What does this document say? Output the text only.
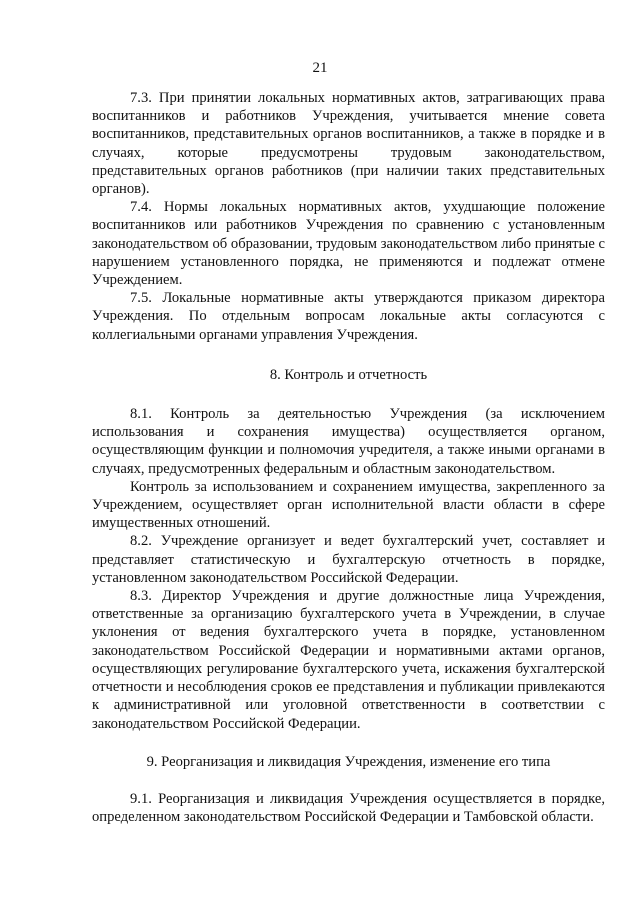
21

7.3. При принятии локальных нормативных актов, затрагивающих права воспитанников и работников Учреждения, учитывается мнение совета воспитанников, представительных органов воспитанников, а также в порядке и в случаях, которые предусмотрены трудовым законодательством, представительных органов работников (при наличии таких представительных органов).

7.4. Нормы локальных нормативных актов, ухудшающие положение воспитанников или работников Учреждения по сравнению с установленным законодательством об образовании, трудовым законодательством либо принятые с нарушением установленного порядка, не применяются и подлежат отмене Учреждением.

7.5. Локальные нормативные акты утверждаются приказом директора Учреждения. По отдельным вопросам локальные акты согласуются с коллегиальными органами управления Учреждения.

8. Контроль и отчетность

8.1. Контроль за деятельностью Учреждения (за исключением использования и сохранения имущества) осуществляется органом, осуществляющим функции и полномочия учредителя, а также иными органами в случаях, предусмотренных федеральным и областным законодательством.

Контроль за использованием и сохранением имущества, закрепленного за Учреждением, осуществляет орган исполнительной власти области в сфере имущественных отношений.

8.2. Учреждение организует и ведет бухгалтерский учет, составляет и представляет статистическую и бухгалтерскую отчетность в порядке, установленном законодательством Российской Федерации.

8.3. Директор Учреждения и другие должностные лица Учреждения, ответственные за организацию бухгалтерского учета в Учреждении, в случае уклонения от ведения бухгалтерского учета в порядке, установленном законодательством Российской Федерации и нормативными актами органов, осуществляющих регулирование бухгалтерского учета, искажения бухгалтерской отчетности и несоблюдения сроков ее представления и публикации привлекаются к административной или уголовной ответственности в соответствии с законодательством Российской Федерации.

9. Реорганизация и ликвидация Учреждения, изменение его типа

9.1. Реорганизация и ликвидация Учреждения осуществляется в порядке, определенном законодательством Российской Федерации и Тамбовской области.
